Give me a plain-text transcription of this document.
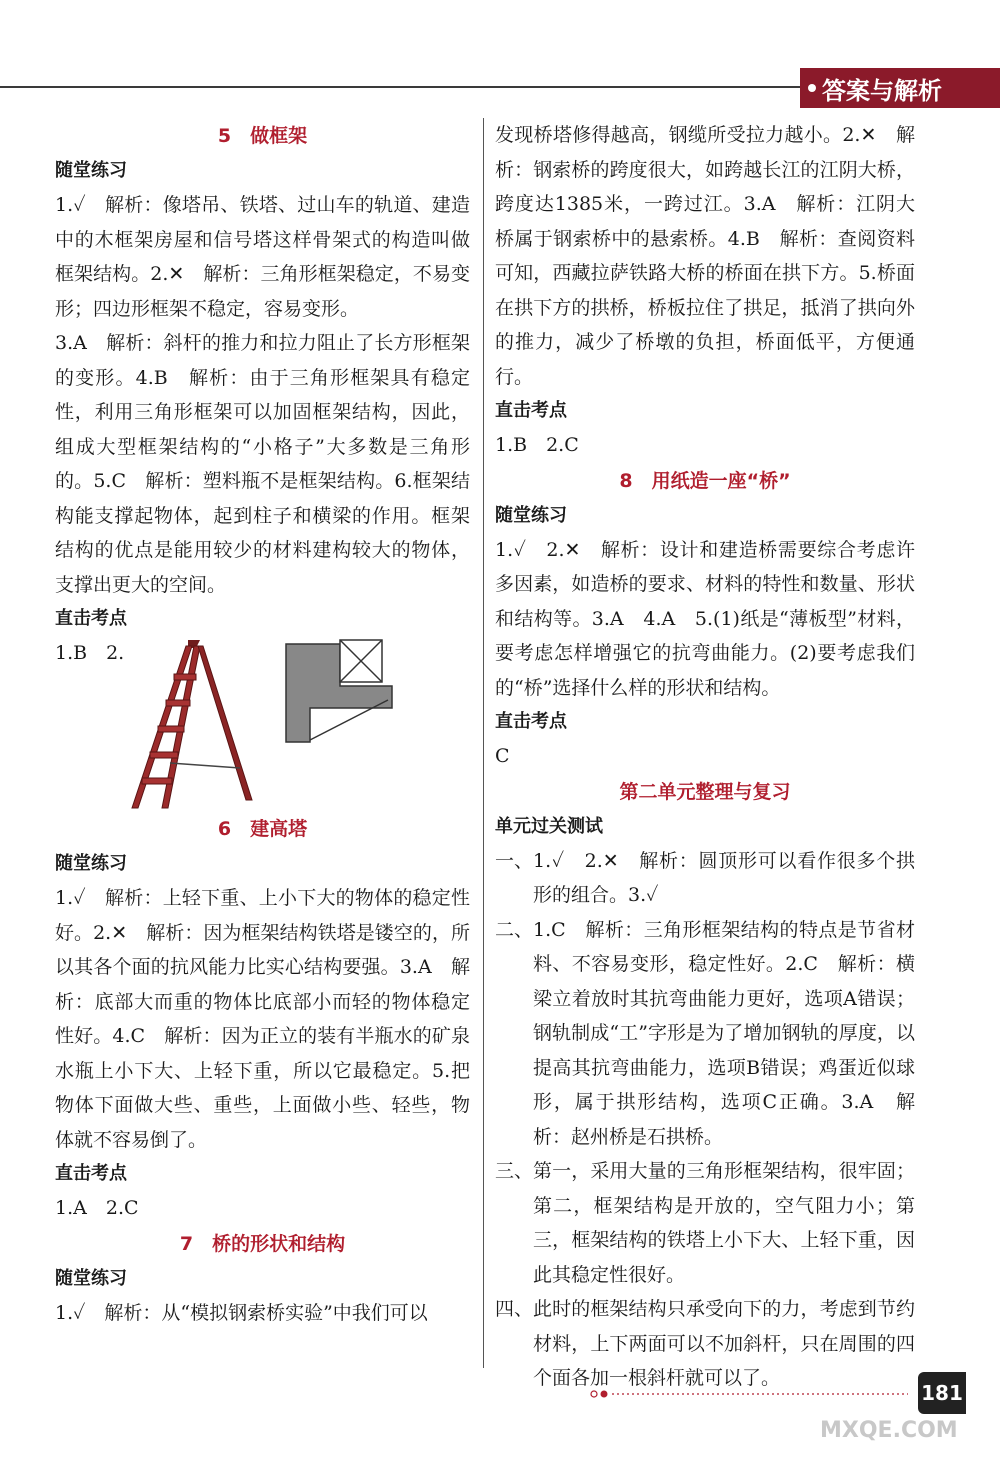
答案与解析
5　做框架
随堂练习
1.✓　解析：像塔吊、铁塔、过山车的轨道、建造中的木框架房屋和信号塔这样骨架式的构造叫做框架结构。2.✕　解析：三角形框架稳定，不易变形；四边形框架不稳定，容易变形。
3.A　解析：斜杆的推力和拉力阻止了长方形框架的变形。4.B　解析：由于三角形框架具有稳定性，利用三角形框架可以加固框架结构，因此，组成大型框架结构的“小格子”大多数是三角形的。5.C　解析：塑料瓶不是框架结构。6.框架结构能支撑起物体，起到柱子和横梁的作用。框架结构的优点是能用较少的材料建构较大的物体，支撑出更大的空间。
直击考点
1.B　2.
6　建高塔
随堂练习
1.✓　解析：上轻下重、上小下大的物体的稳定性好。2.✕　解析：因为框架结构铁塔是镂空的，所以其各个面的抗风能力比实心结构要强。3.A　解析：底部大而重的物体比底部小而轻的物体稳定性好。4.C　解析：因为正立的装有半瓶水的矿泉水瓶上小下大、上轻下重，所以它最稳定。5.把物体下面做大些、重些，上面做小些、轻些，物体就不容易倒了。
直击考点
1.A　2.C
7　桥的形状和结构
随堂练习
1.✓　解析：从“模拟钢索桥实验”中我们可以
发现桥塔修得越高，钢缆所受拉力越小。2.✕　解析：钢索桥的跨度很大，如跨越长江的江阴大桥，跨度达1385米，一跨过江。3.A　解析：江阴大桥属于钢索桥中的悬索桥。4.B　解析：查阅资料可知，西藏拉萨铁路大桥的桥面在拱下方。5.桥面在拱下方的拱桥，桥板拉住了拱足，抵消了拱向外的推力，减少了桥墩的负担，桥面低平，方便通行。
直击考点
1.B　2.C
8　用纸造一座“桥”
随堂练习
1.✓　2.✕　解析：设计和建造桥需要综合考虑许多因素，如造桥的要求、材料的特性和数量、形状和结构等。3.A　4.A　5.(1)纸是“薄板型”材料，要考虑怎样增强它的抗弯曲能力。(2)要考虑我们的“桥”选择什么样的形状和结构。
直击考点
C
第二单元整理与复习
单元过关测试
一、 1.✓　2.✕　解析：圆顶形可以看作很多个拱形的组合。3.✓
二、 1.C　解析：三角形框架结构的特点是节省材料、不容易变形，稳定性好。2.C　解析：横梁立着放时其抗弯曲能力更好，选项A错误；钢轨制成“工”字形是为了增加钢轨的厚度，以提高其抗弯曲能力，选项B错误；鸡蛋近似球形，属于拱形结构，选项C正确。3.A　解析：赵州桥是石拱桥。
三、 第一，采用大量的三角形框架结构，很牢固；第二，框架结构是开放的，空气阻力小；第三，框架结构的铁塔上小下大、上轻下重，因此其稳定性很好。
四、 此时的框架结构只承受向下的力，考虑到节约材料，上下两面可以不加斜杆，只在周围的四个面各加一根斜杆就可以了。
181
MXQE.COM
